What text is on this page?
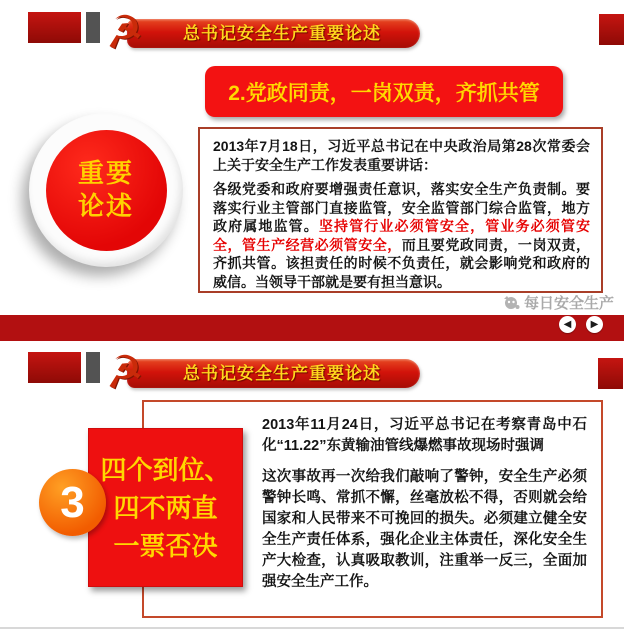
总书记安全生产重要论述
☭
2.党政同责，一岗双责，齐抓共管
2013年7月18日，习近平总书记在中央政治局第28次常委会上关于安全生产工作发表重要讲话：
各级党委和政府要增强责任意识，落实安全生产负责制。要落实行业主管部门直接监管，安全监管部门综合监管，地方政府属地监管。坚持管行业必须管安全，管业务必须管安全，管生产经营必须管安全，而且要党政同责，一岗双责，齐抓共管。该担责任的时候不负责任，就会影响党和政府的威信。当领导干部就是要有担当意识。
重要
论述
每日安全生产
◀	▶
总书记安全生产重要论述
☭
2013年11月24日，习近平总书记在考察青岛中石化“11.22”东黄输油管线爆燃事故现场时强调
这次事故再一次给我们敲响了警钟，安全生产必须警钟长鸣、常抓不懈，丝毫放松不得，否则就会给国家和人民带来不可挽回的损失。必须建立健全安全生产责任体系，强化企业主体责任，深化安全生产大检查，认真吸取教训，注重举一反三，全面加强安全生产工作。
四个到位、
四不两直
一票否决
3
